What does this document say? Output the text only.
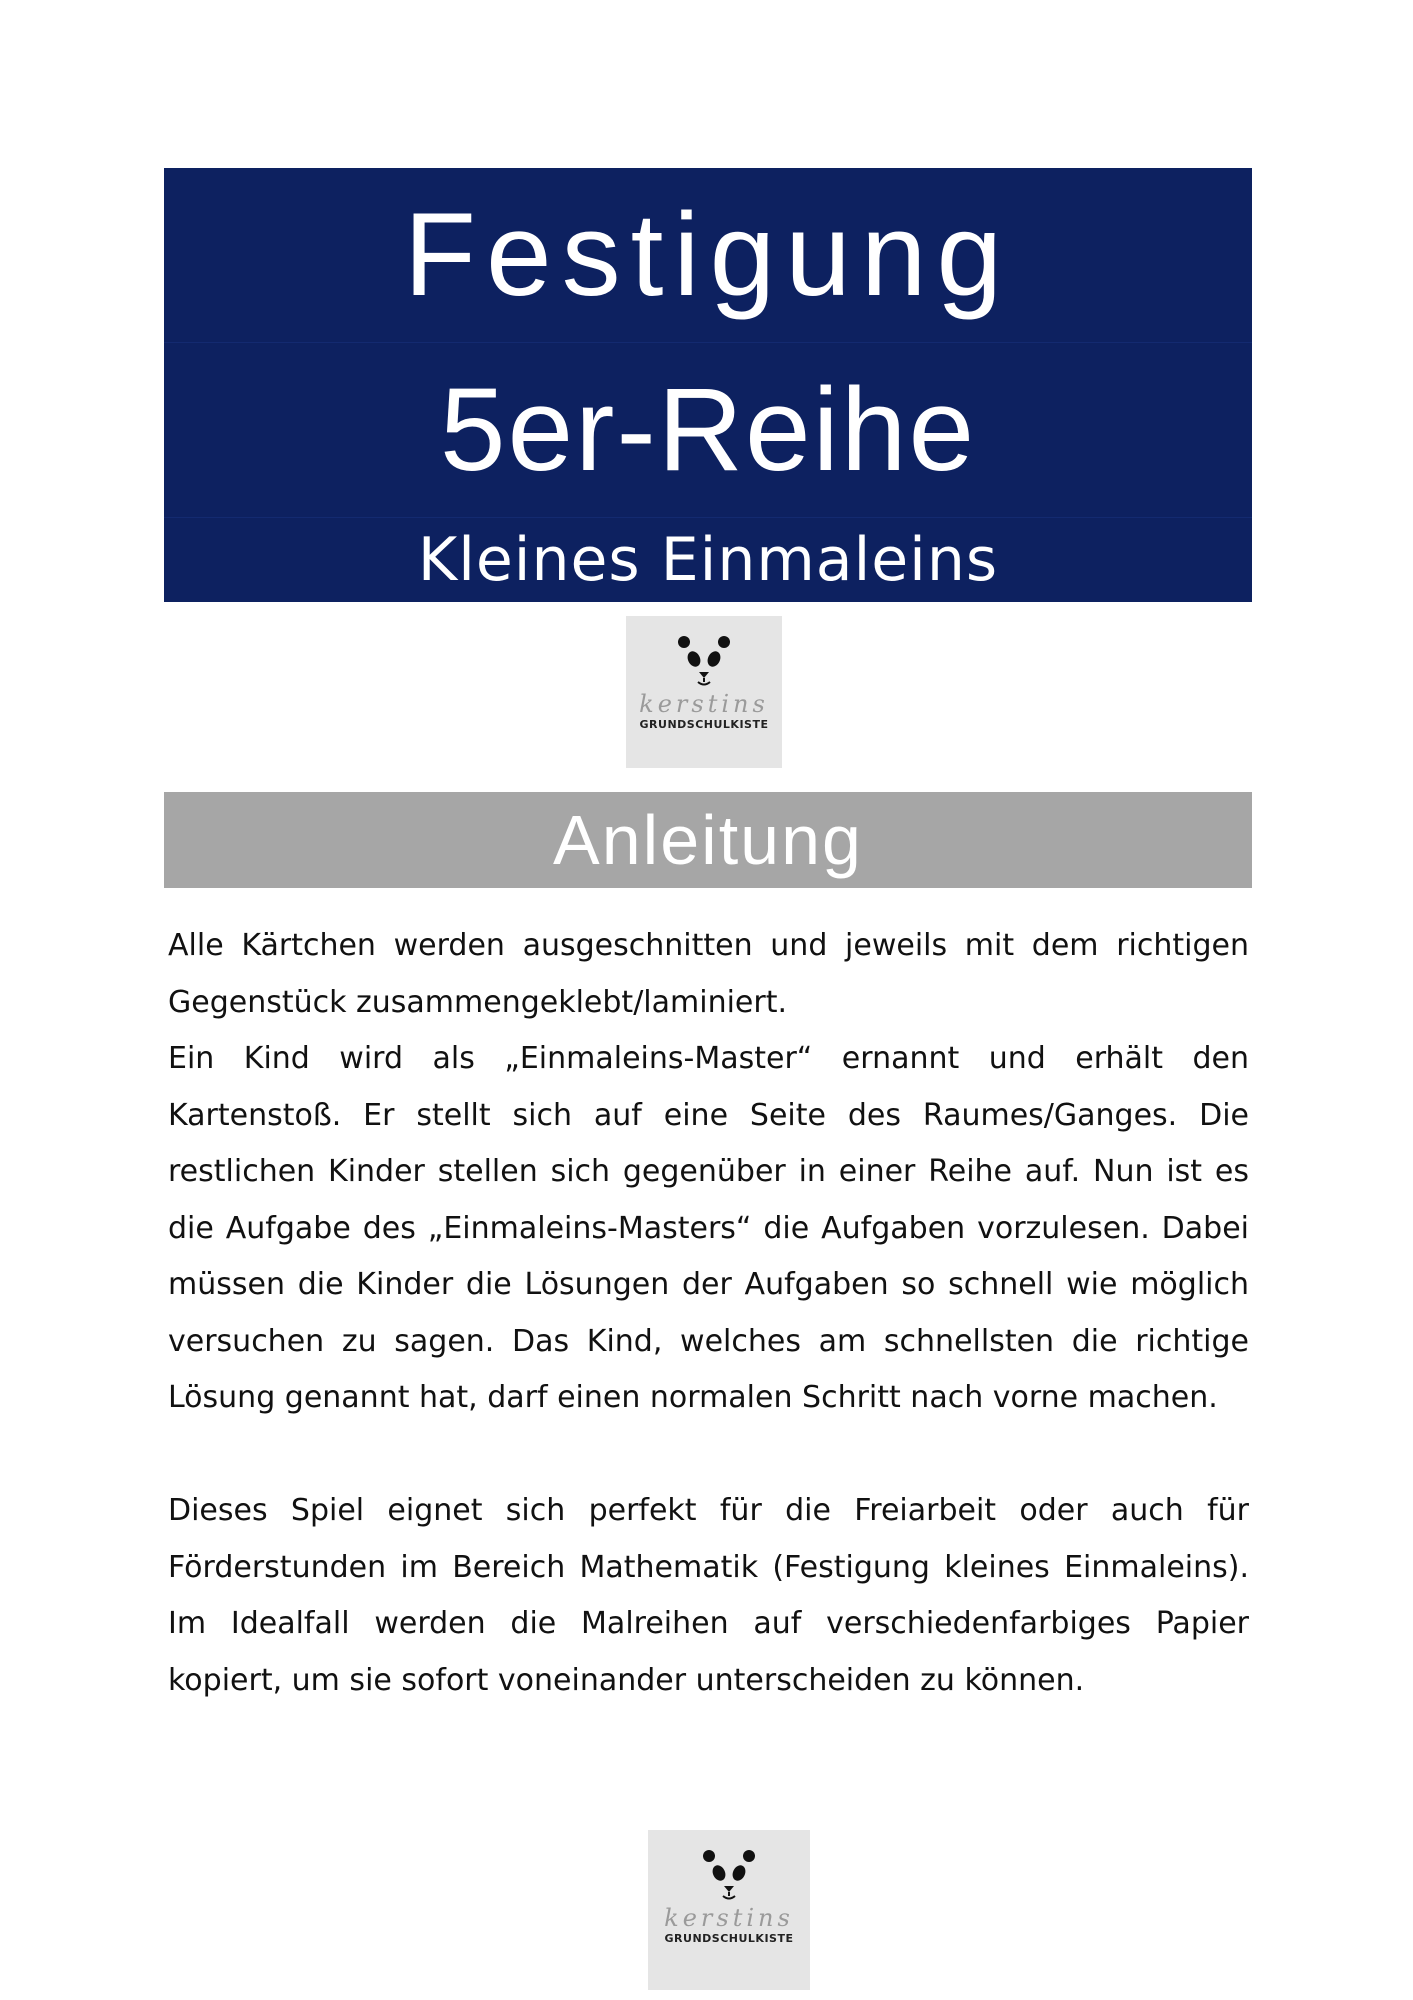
Festigung
5er-Reihe
Kleines Einmaleins
kerstins
GRUNDSCHULKISTE
Anleitung

Alle Kärtchen werden ausgeschnitten und jeweils mit dem richtigen Gegenstück zusammengeklebt/laminiert.

Ein Kind wird als „Einmaleins-Master“ ernannt und erhält den Kartenstoß. Er stellt sich auf eine Seite des Raumes/Ganges. Die restlichen Kinder stellen sich gegenüber in einer Reihe auf. Nun ist es die Aufgabe des „Einmaleins-Masters“ die Aufgaben vorzulesen. Dabei müssen die Kinder die Lösungen der Aufgaben so schnell wie möglich versuchen zu sagen. Das Kind, welches am schnellsten die richtige Lösung genannt hat, darf einen normalen Schritt nach vorne machen.

Dieses Spiel eignet sich perfekt für die Freiarbeit oder auch für Förderstunden im Bereich Mathematik (Festigung kleines Einmaleins). Im Idealfall werden die Malreihen auf verschiedenfarbiges Papier kopiert, um sie sofort voneinander unterscheiden zu können.

kerstins
GRUNDSCHULKISTE
